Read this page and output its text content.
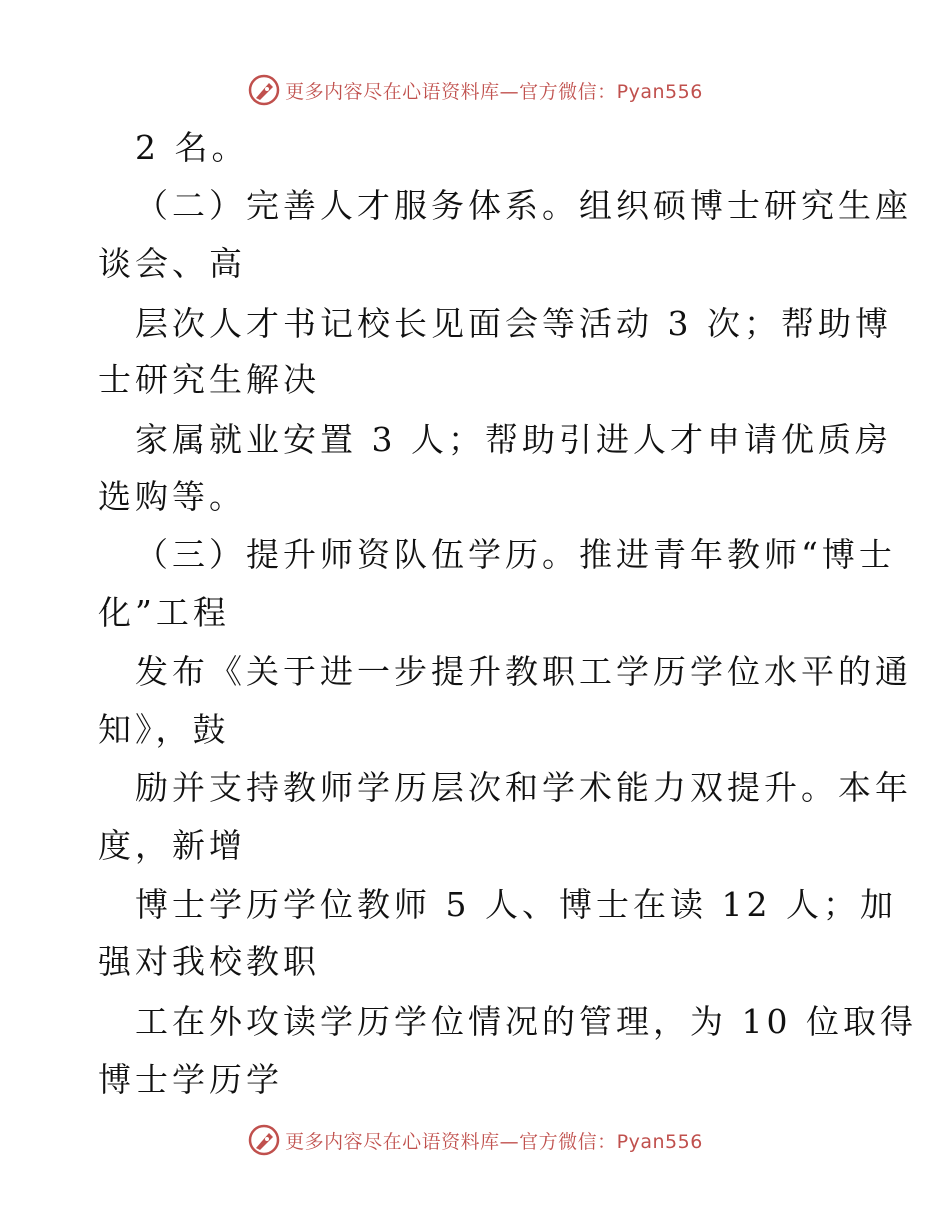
更多内容尽在心语资料库—官方微信：Pyan556
2 名。
（二）完善人才服务体系。组织硕博士研究生座
谈会、高
层次人才书记校长见面会等活动 3 次；帮助博
士研究生解决
家属就业安置 3 人；帮助引进人才申请优质房
选购等。
（三）提升师资队伍学历。推进青年教师“博士
化”工程
发布《关于进一步提升教职工学历学位水平的通
知》，鼓
励并支持教师学历层次和学术能力双提升。本年
度，新增
博士学历学位教师 5 人、博士在读 12 人；加
强对我校教职
工在外攻读学历学位情况的管理，为 10 位取得
博士学历学
更多内容尽在心语资料库—官方微信：Pyan556
